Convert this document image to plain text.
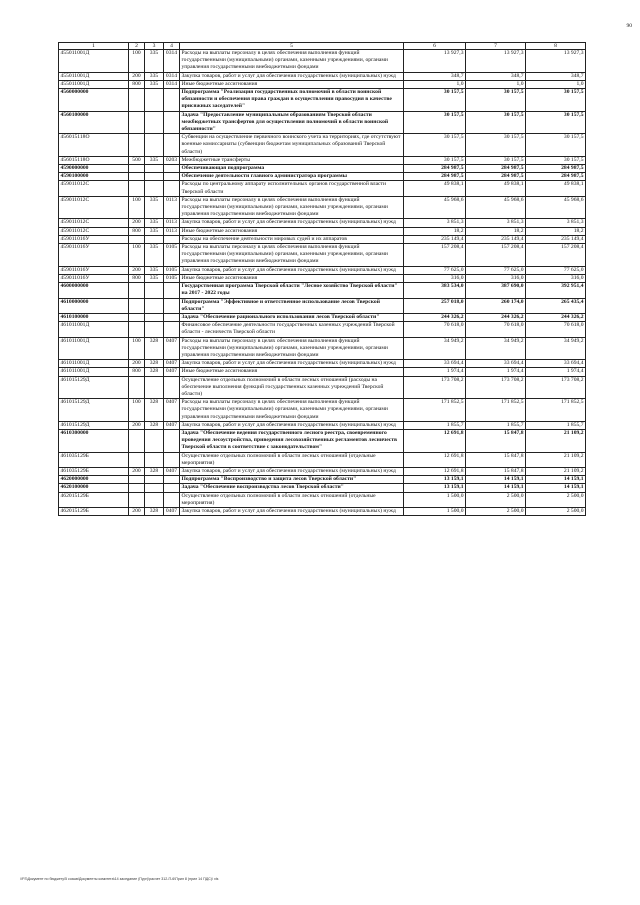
90
1	2	3	4	5	6	7	8
455011001Д	100	335	0314	Расходы на выплаты персоналу в целях обеспечения выполнения функций государственными (муниципальными) органами, казенными учреждениями, органами управления государственными внебюджетными фондами	13 927,3	13 927,3	13 927,3
455011001Д	200	335	0314	Закупка товаров, работ и услуг для обеспечения государственных (муниципальных) нужд	348,7	348,7	348,7
455011001Д	800	335	0314	Иные бюджетные ассигнования	1,0	1,0	1,0
4560000000				Подпрограмма "Реализация государственных полномочий в области воинской обязанности и обеспечения права граждан в осуществлении правосудия в качестве присяжных заседателей"	30 157,5	30 157,5	30 157,5
4560100000				Задача "Предоставление муниципальным образованиям Тверской области межбюджетных трансфертов для осуществления полномочий в области воинской обязанности"	30 157,5	30 157,5	30 157,5
456015118О				Субвенции на осуществление первичного воинского учета на территориях, где отсутствуют военные комиссариаты (субвенции бюджетам муниципальных образований Тверской области)	30 157,5	30 157,5	30 157,5
456015118О	500	335	0203	Межбюджетные трансферты	30 157,5	30 157,5	30 157,5
4590000000				Обеспечивающая подпрограмма	284 987,5	284 987,5	284 987,5
4590100000				Обеспечение деятельности главного администратора программы	284 987,5	284 987,5	284 987,5
459011012С				Расходы по центральному аппарату исполнительных органов государственной власти Тверской области	49 838,1	49 838,1	49 838,1
459011012С	100	335	0113	Расходы на выплаты персоналу в целях обеспечения выполнения функций государственными (муниципальными) органами, казенными учреждениями, органами управления государственными внебюджетными фондами	45 968,6	45 968,6	45 968,6
459011012С	200	335	0113	Закупка товаров, работ и услуг для обеспечения государственных (муниципальных) нужд	3 851,3	3 851,3	3 851,3
459011012С	800	335	0113	Иные бюджетные ассигнования	18,2	18,2	18,2
459011016У				Расходы на обеспечение деятельности мировых судей и их аппаратов	235 149,4	235 149,4	235 149,4
459011016У	100	335	0105	Расходы на выплаты персоналу в целях обеспечения выполнения функций государственными (муниципальными) органами, казенными учреждениями, органами управления государственными внебюджетными фондами	157 208,4	157 208,4	157 208,4
459011016У	200	335	0105	Закупка товаров, работ и услуг для обеспечения государственных (муниципальных) нужд	77 625,0	77 625,0	77 625,0
459011016У	800	335	0105	Иные бюджетные ассигнования	316,0	316,0	316,0
4600000000				Государственная программа Тверской области "Лесное хозяйство Тверской области" на 2017 - 2022 годы	383 534,0	387 690,0	392 951,4
4610000000				Подпрограмма "Эффективное и ответственное использование лесов Тверской области"	257 018,0	260 174,0	265 435,4
4610100000				Задача "Обеспечение рационального использования лесов Тверской области"	244 326,2	244 326,2	244 326,2
461011001Д				Финансовое обеспечение деятельности государственных казенных учреждений Тверской области - лесничеств Тверской области	70 618,0	70 618,0	70 618,0
461011001Д	100	328	0407	Расходы на выплаты персоналу в целях обеспечения выполнения функций государственными (муниципальными) органами, казенными учреждениями, органами управления государственными внебюджетными фондами	34 949,2	34 949,2	34 949,2
461011001Д	200	328	0407	Закупка товаров, работ и услуг для обеспечения государственных (муниципальных) нужд	33 694,4	33 694,4	33 694,4
461011001Д	800	328	0407	Иные бюджетные ассигнования	1 974,4	1 974,4	1 974,4
461015129Д				Осуществление отдельных полномочий в области лесных отношений (расходы на обеспечение выполнения функций государственных казенных учреждений Тверской области)	173 708,2	173 708,2	173 708,2
461015129Д	100	328	0407	Расходы на выплаты персоналу в целях обеспечения выполнения функций государственными (муниципальными) органами, казенными учреждениями, органами управления государственными внебюджетными фондами	171 852,5	171 852,5	171 852,5
461015129Д	200	328	0407	Закупка товаров, работ и услуг для обеспечения государственных (муниципальных) нужд	1 855,7	1 855,7	1 855,7
4610300000				Задача "Обеспечение ведения государственного лесного реестра, своевременного проведения лесоустройства, приведения лесохозяйственных регламентов лесничеств Тверской области в соответствие с законодательством"	12 691,8	15 847,8	21 109,2
461035129Б				Осуществление отдельных полномочий в области лесных отношений (отдельные мероприятия)	12 691,8	15 847,8	21 109,2
461035129Б	200	328	0407	Закупка товаров, работ и услуг для обеспечения государственных (муниципальных) нужд	12 691,8	15 847,8	21 109,2
4620000000				Подпрограмма "Воспроизводство и защита лесов Тверской области"	13 159,1	14 159,1	14 159,1
4620100000				Задача "Обеспечение воспроизводства лесов Тверской области"	13 159,1	14 159,1	14 159,1
462015129Б				Осуществление отдельных полномочий в области лесных отношений (отдельные мероприятия)	1 500,0	2 500,0	2 500,0
462015129Б	200	328	0407	Закупка товаров, работ и услуг для обеспечения государственных (муниципальных) нужд	1 500,0	2 500,0	2 500,0
\\FS\Документ по бюджету\5 созыв\Документы комитета\14 заседание (Пург)\расчет 312-П-6\Прил 8 (прил 14 ПДС)\ хls
